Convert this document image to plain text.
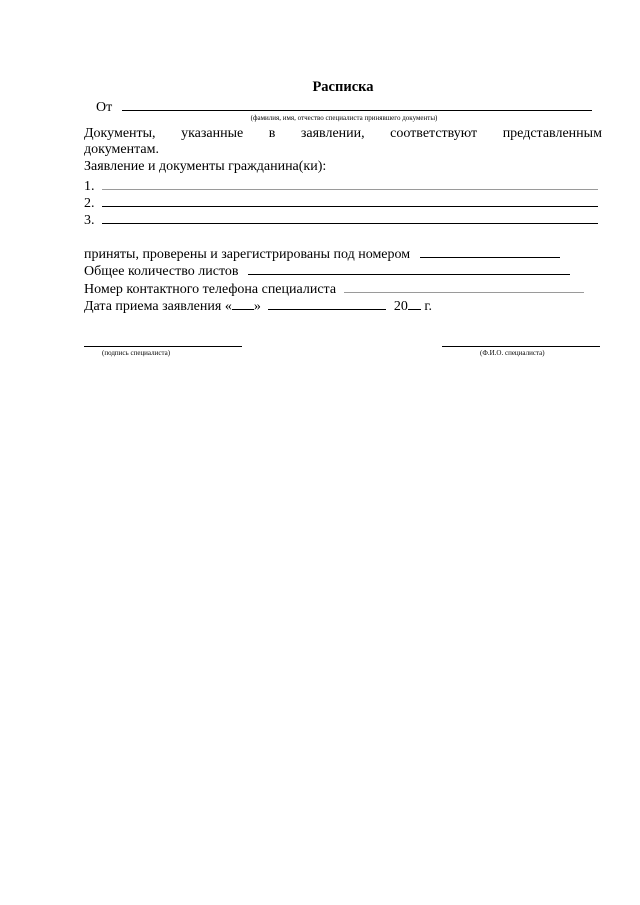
Расписка
От
(фамилия, имя, отчество специалиста принявшего документы)
Документы, указанные в заявлении, соответствуют представленным
документам.
Заявление и документы гражданина(ки):
1.
2.
3.
приняты, проверены и зарегистрированы под номером
Общее количество листов
Номер контактного телефона специалиста
Дата приема заявления « »	20 г.
(подпись специалиста)	(Ф.И.О. специалиста)
